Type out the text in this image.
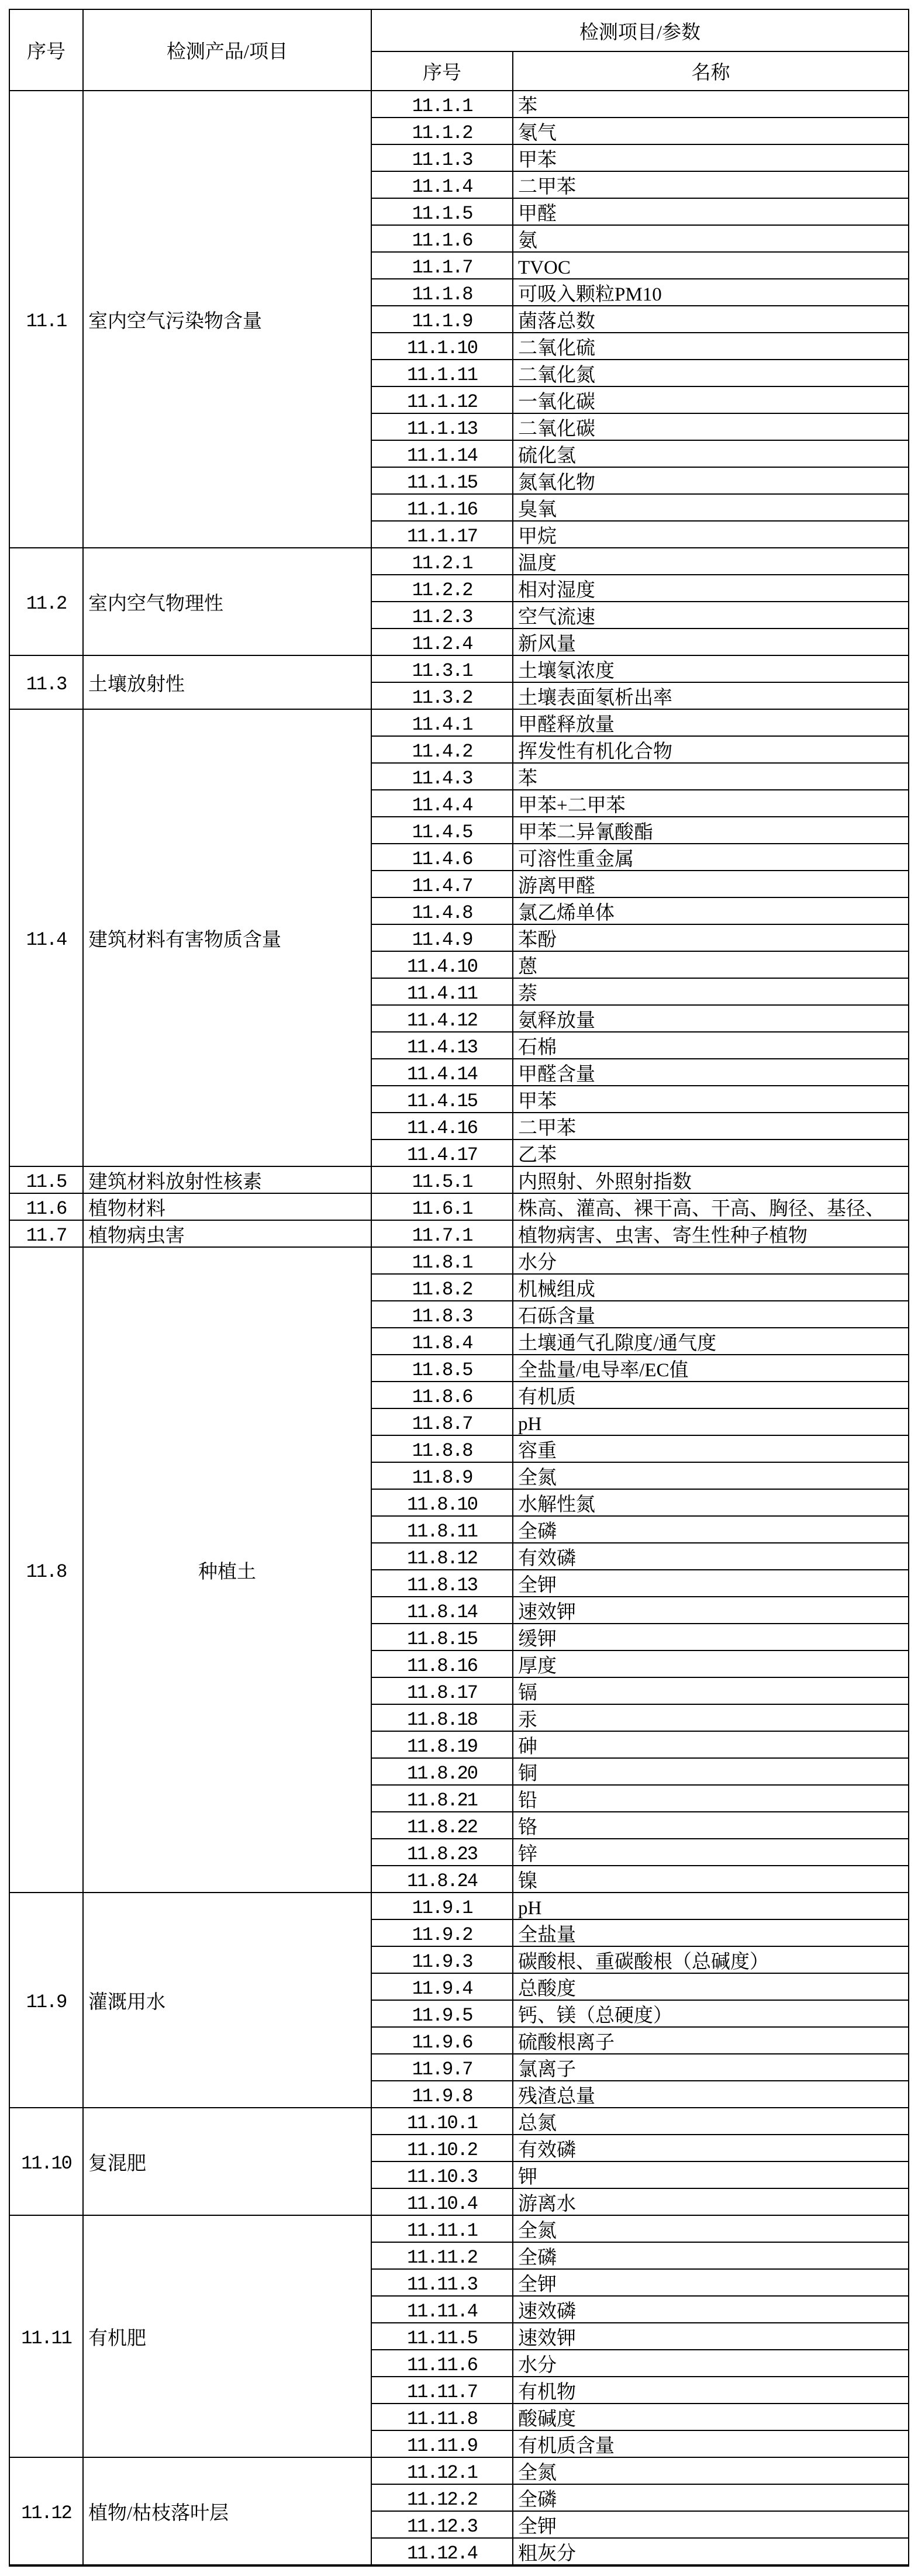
序号	检测产品/项目
检测项目/参数
序号	名称
11.1	室内空气污染物含量
11.1.1	苯
11.1.2	氡气
11.1.3	甲苯
11.1.4	二甲苯
11.1.5	甲醛
11.1.6	氨
11.1.7	TVOC
11.1.8	可吸入颗粒PM10
11.1.9	菌落总数
11.1.10	二氧化硫
11.1.11	二氧化氮
11.1.12	一氧化碳
11.1.13	二氧化碳
11.1.14	硫化氢
11.1.15	氮氧化物
11.1.16	臭氧
11.1.17	甲烷
11.2	室内空气物理性
11.2.1	温度
11.2.2	相对湿度
11.2.3	空气流速
11.2.4	新风量
11.3	土壤放射性
11.3.1	土壤氡浓度
11.3.2	土壤表面氡析出率
11.4	建筑材料有害物质含量
11.4.1	甲醛释放量
11.4.2	挥发性有机化合物
11.4.3	苯
11.4.4	甲苯+二甲苯
11.4.5	甲苯二异氰酸酯
11.4.6	可溶性重金属
11.4.7	游离甲醛
11.4.8	氯乙烯单体
11.4.9	苯酚
11.4.10	蒽
11.4.11	萘
11.4.12	氨释放量
11.4.13	石棉
11.4.14	甲醛含量
11.4.15	甲苯
11.4.16	二甲苯
11.4.17	乙苯
11.5	建筑材料放射性核素	11.5.1	内照射、外照射指数
11.6	植物材料	11.6.1	株高、灌高、裸干高、干高、胸径、基径、
11.7	植物病虫害	11.7.1	植物病害、虫害、寄生性种子植物
11.8	种植土
11.8.1	水分
11.8.2	机械组成
11.8.3	石砾含量
11.8.4	土壤通气孔隙度/通气度
11.8.5	全盐量/电导率/EC值
11.8.6	有机质
11.8.7	pH
11.8.8	容重
11.8.9	全氮
11.8.10	水解性氮
11.8.11	全磷
11.8.12	有效磷
11.8.13	全钾
11.8.14	速效钾
11.8.15	缓钾
11.8.16	厚度
11.8.17	镉
11.8.18	汞
11.8.19	砷
11.8.20	铜
11.8.21	铅
11.8.22	铬
11.8.23	锌
11.8.24	镍
11.9	灌溉用水
11.9.1	pH
11.9.2	全盐量
11.9.3	碳酸根、重碳酸根（总碱度）
11.9.4	总酸度
11.9.5	钙、镁（总硬度）
11.9.6	硫酸根离子
11.9.7	氯离子
11.9.8	残渣总量
11.10 复混肥
11.10.1	总氮
11.10.2	有效磷
11.10.3	钾
11.10.4	游离水
11.11 有机肥
11.11.1	全氮
11.11.2	全磷
11.11.3	全钾
11.11.4	速效磷
11.11.5	速效钾
11.11.6	水分
11.11.7	有机物
11.11.8	酸碱度
11.11.9	有机质含量
11.12 植物/枯枝落叶层
11.12.1	全氮
11.12.2	全磷
11.12.3	全钾
11.12.4	粗灰分
